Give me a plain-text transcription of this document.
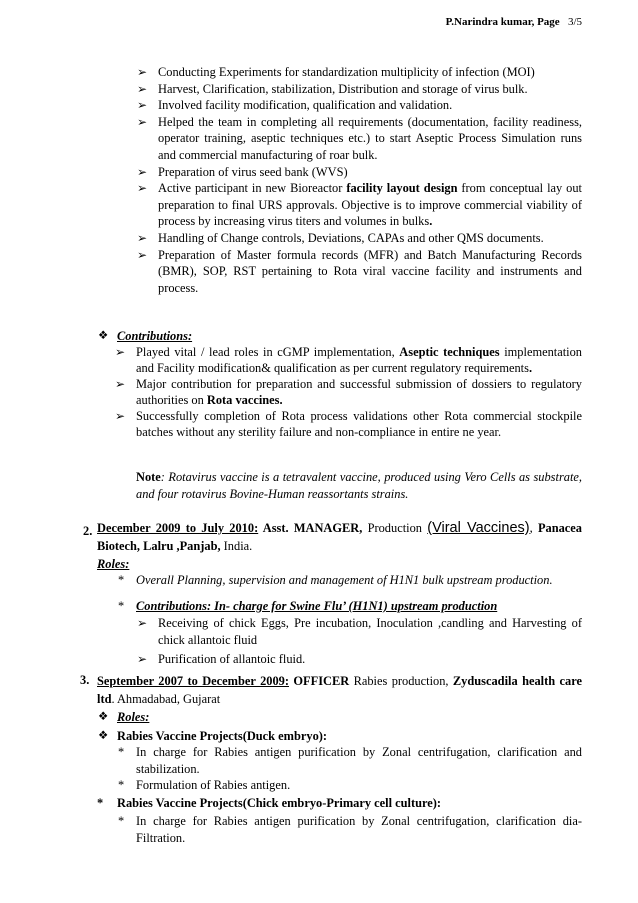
P.Narindra kumar, Page 3/5
➢ Conducting Experiments for standardization multiplicity of infection (MOI)
➢ Harvest, Clarification, stabilization, Distribution and storage of virus bulk.
➢ Involved facility modification, qualification and validation.
➢ Helped the team in completing all requirements (documentation, facility readiness, operator training, aseptic techniques etc.) to start Aseptic Process Simulation runs and commercial manufacturing of roar bulk.
➢ Preparation of virus seed bank (WVS)
➢ Active participant in new Bioreactor facility layout design from conceptual lay out preparation to final URS approvals. Objective is to improve commercial viability of process by increasing virus titers and volumes in bulks.
➢ Handling of Change controls, Deviations, CAPAs and other QMS documents.
➢ Preparation of Master formula records (MFR) and Batch Manufacturing Records (BMR), SOP, RST pertaining to Rota viral vaccine facility and instruments and process.
❖ Contributions:
➢ Played vital / lead roles in cGMP implementation, Aseptic techniques implementation and Facility modification& qualification as per current regulatory requirements.
➢ Major contribution for preparation and successful submission of dossiers to regulatory authorities on Rota vaccines.
➢ Successfully completion of Rota process validations other Rota commercial stockpile batches without any sterility failure and non-compliance in entire ne year.
Note: Rotavirus vaccine is a tetravalent vaccine, produced using Vero Cells as substrate, and four rotavirus Bovine-Human reassortants strains.
2. December 2009 to July 2010: Asst. MANAGER, Production (Viral Vaccines), Panacea Biotech, Lalru ,Panjab, India.
Roles:
* Overall Planning, supervision and management of H1N1 bulk upstream production.
* Contributions: In- charge for Swine Flu’ (H1N1) upstream production
➢ Receiving of chick Eggs, Pre incubation, Inoculation ,candling and Harvesting of chick allantoic fluid
➢ Purification of allantoic fluid.
3. September 2007 to December 2009: OFFICER Rabies production, Zyduscadila health care ltd. Ahmadabad, Gujarat
❖ Roles:
❖ Rabies Vaccine Projects(Duck embryo):
* In charge for Rabies antigen purification by Zonal centrifugation, clarification and stabilization.
* Formulation of Rabies antigen.
* Rabies Vaccine Projects(Chick embryo-Primary cell culture):
* In charge for Rabies antigen purification by Zonal centrifugation, clarification dia-Filtration.
